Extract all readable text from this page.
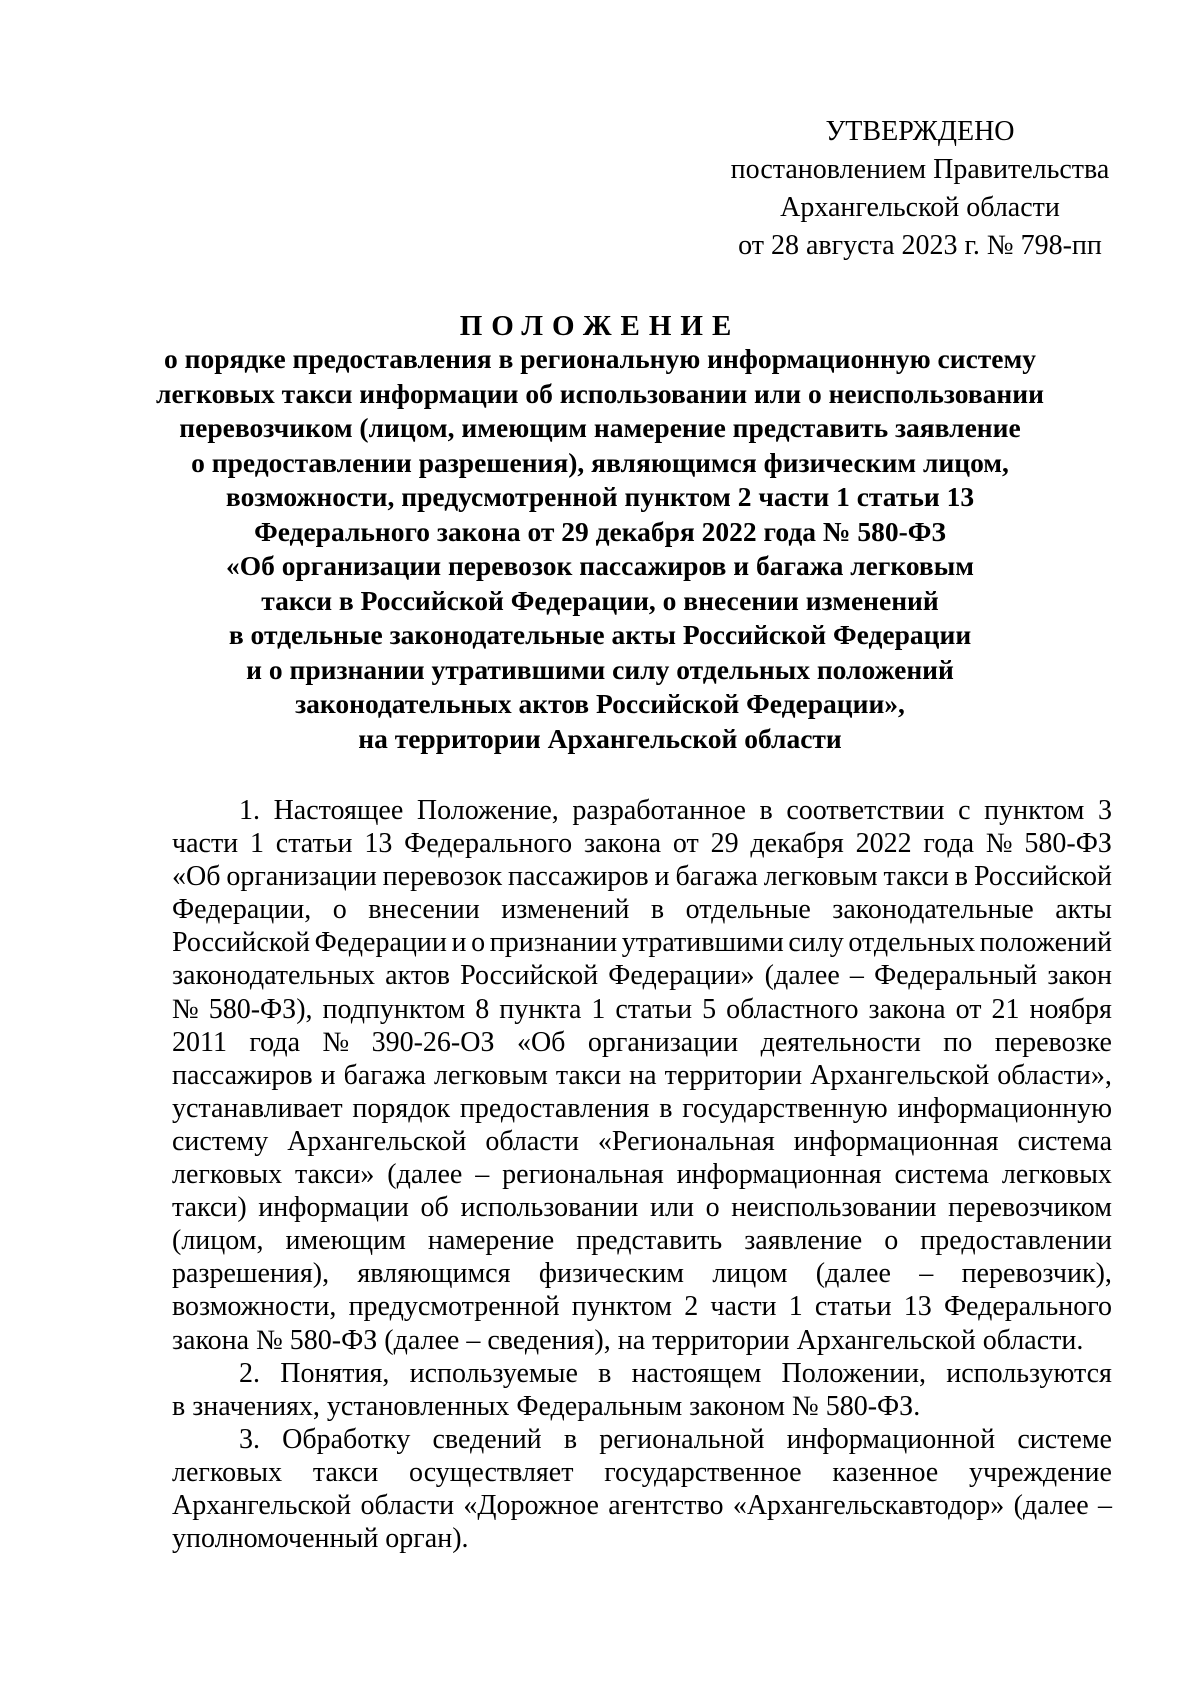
УТВЕРЖДЕНО
постановлением Правительства
Архангельской области
от 28 августа 2023 г. № 798-пп
ПОЛОЖЕНИЕ
о порядке предоставления в региональную информационную систему
легковых такси информации об использовании или о неиспользовании
перевозчиком (лицом, имеющим намерение представить заявление
о предоставлении разрешения), являющимся физическим лицом,
возможности, предусмотренной пунктом 2 части 1 статьи 13
Федерального закона от 29 декабря 2022 года № 580-ФЗ
«Об организации перевозок пассажиров и багажа легковым
такси в Российской Федерации, о внесении изменений
в отдельные законодательные акты Российской Федерации
и о признании утратившими силу отдельных положений
законодательных актов Российской Федерации»,
на территории Архангельской области
1. Настоящее Положение, разработанное в соответствии с пунктом 3
части 1 статьи 13 Федерального закона от 29 декабря 2022 года № 580-ФЗ
«Об организации перевозок пассажиров и багажа легковым такси в Российской
Федерации, о внесении изменений в отдельные законодательные акты
Российской Федерации и о признании утратившими силу отдельных положений
законодательных актов Российской Федерации» (далее – Федеральный закон
№ 580-ФЗ), подпунктом 8 пункта 1 статьи 5 областного закона от 21 ноября
2011 года № 390-26-ОЗ «Об организации деятельности по перевозке
пассажиров и багажа легковым такси на территории Архангельской области»,
устанавливает порядок предоставления в государственную информационную
систему Архангельской области «Региональная информационная система
легковых такси» (далее – региональная информационная система легковых
такси) информации об использовании или о неиспользовании перевозчиком
(лицом, имеющим намерение представить заявление о предоставлении
разрешения), являющимся физическим лицом (далее – перевозчик),
возможности, предусмотренной пунктом 2 части 1 статьи 13 Федерального
закона № 580-ФЗ (далее – сведения), на территории Архангельской области.
2. Понятия, используемые в настоящем Положении, используются
в значениях, установленных Федеральным законом № 580-ФЗ.
3. Обработку сведений в региональной информационной системе
легковых такси осуществляет государственное казенное учреждение
Архангельской области «Дорожное агентство «Архангельскавтодор» (далее –
уполномоченный орган).
